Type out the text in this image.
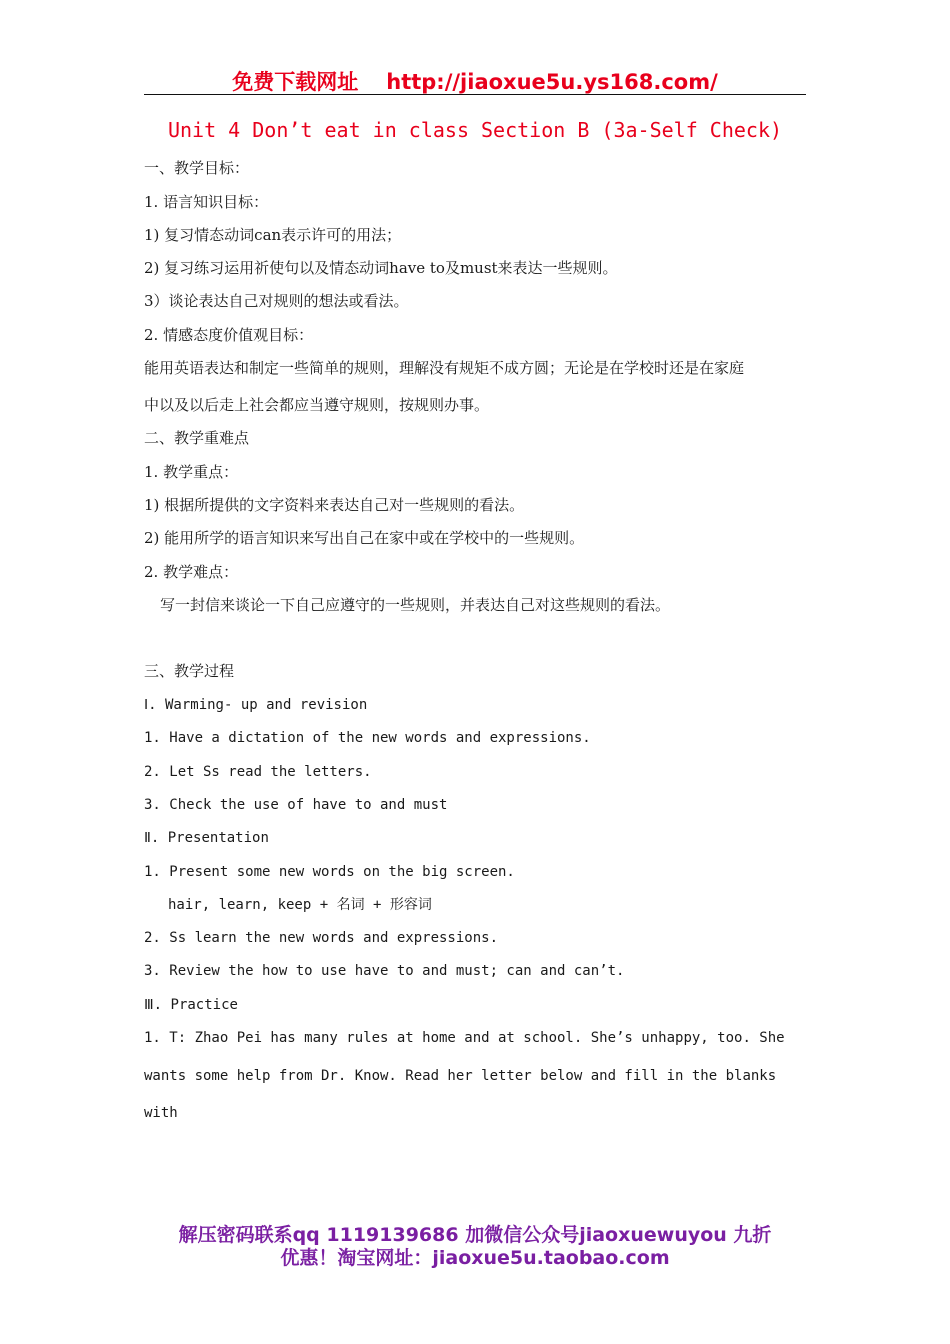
免费下载网址 http://jiaoxue5u.ys168.com/
Unit 4 Don’t eat in class Section B (3a-Self Check)
一、教学目标：
1. 语言知识目标：
1) 复习情态动词can表示许可的用法；
2) 复习练习运用祈使句以及情态动词have to及must来表达一些规则。
3）谈论表达自己对规则的想法或看法。
2. 情感态度价值观目标：
能用英语表达和制定一些简单的规则，理解没有规矩不成方圆；无论是在学校时还是在家庭
中以及以后走上社会都应当遵守规则，按规则办事。
二、教学重难点
1. 教学重点：
1) 根据所提供的文字资料来表达自己对一些规则的看法。
2) 能用所学的语言知识来写出自己在家中或在学校中的一些规则。
2. 教学难点：
写一封信来谈论一下自己应遵守的一些规则，并表达自己对这些规则的看法。
三、教学过程
Ⅰ. Warming- up and revision
1. Have a dictation of the new words and expressions.
2. Let Ss read the letters.
3. Check the use of have to and must
Ⅱ. Presentation
1. Present some new words on the big screen.
hair, learn, keep + 名词 + 形容词
2. Ss learn the new words and expressions.
3. Review the how to use have to and must; can and can’t.
Ⅲ. Practice
1. T: Zhao Pei has many rules at home and at school. She’s unhappy, too. She
wants some help from Dr. Know. Read her letter below and fill in the blanks
with
解压密码联系qq 1119139686 加微信公众号jiaoxuewuyou 九折
优惠！淘宝网址：jiaoxue5u.taobao.com
